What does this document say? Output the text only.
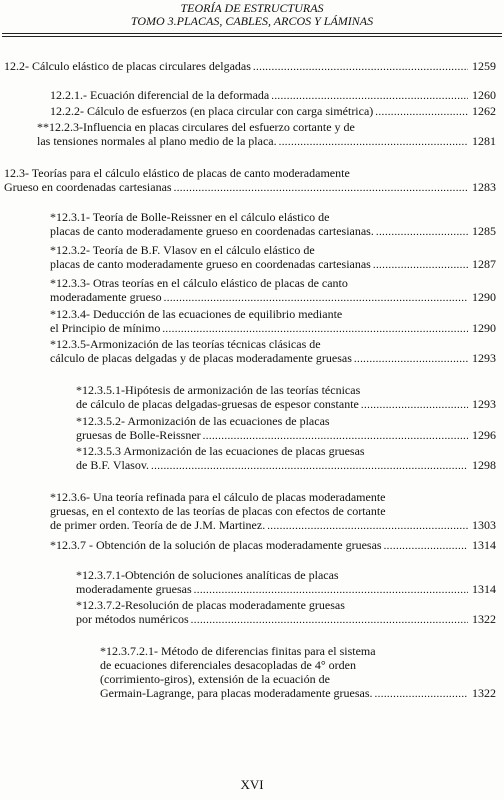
TEORÍA DE ESTRUCTURAS
TOMO 3.PLACAS, CABLES, ARCOS Y LÁMINAS
12.2- Cálculo elástico de placas circulares delgadas . . .	1259
12.2.1.- Ecuación diferencial de la deformada . . .	1260
12.2.2- Cálculo de esfuerzos (en placa circular con carga simétrica) . . .	1262
**12.2.3-Influencia en placas circulares del esfuerzo cortante y de
las tensiones normales al plano medio de la placa. . . .	1281
12.3- Teorías para el cálculo elástico de placas de canto moderadamente
Grueso en coordenadas cartesianas . . .	1283
*12.3.1- Teoría de Bolle-Reissner en el cálculo elástico de
placas de canto moderadamente grueso en coordenadas cartesianas. . . .	1285
*12.3.2- Teoría de B.F. Vlasov en el cálculo elástico de
placas de canto moderadamente grueso en coordenadas cartesianas . . .	1287
*12.3.3- Otras teorías en el cálculo elástico de placas de canto
moderadamente grueso . . .	1290
*12.3.4- Deducción de las ecuaciones de equilibrio mediante
el Principio de mínimo . . .	1290
*12.3.5-Armonización de las teorías técnicas clásicas de
cálculo de placas delgadas y de placas moderadamente gruesas . . .	1293
*12.3.5.1-Hipótesis de armonización de las teorías técnicas
de cálculo de placas delgadas-gruesas de espesor constante . . .	1293
*12.3.5.2- Armonización de las ecuaciones de placas
gruesas de Bolle-Reissner . . .	1296
*12.3.5.3 Armonización de las ecuaciones de placas gruesas
de B.F. Vlasov. . . .	1298
*12.3.6- Una teoría refinada para el cálculo de placas moderadamente
gruesas, en el contexto de las teorías de placas con efectos de cortante
de primer orden. Teoría de de J.M. Martinez. . . .	1303
*12.3.7 - Obtención de la solución de placas moderadamente gruesas . . .	1314
*12.3.7.1-Obtención de soluciones analíticas de placas
moderadamente gruesas . . .	1314
*12.3.7.2-Resolución de placas moderadamente gruesas
por métodos numéricos . . .	1322
*12.3.7.2.1- Método de diferencias finitas para el sistema
de ecuaciones diferenciales desacopladas de 4° orden
(corrimiento-giros), extensión de la ecuación de
Germain-Lagrange, para placas moderadamente gruesas. . . .	1322
XVI
